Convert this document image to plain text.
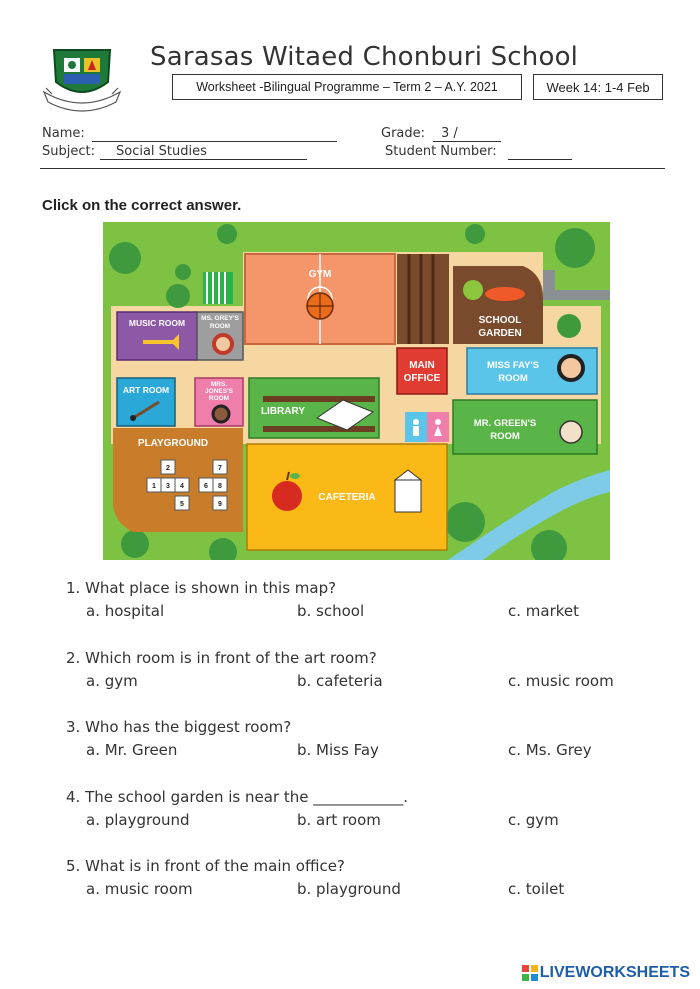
Sarasas Witaed Chonburi School
Worksheet -Bilingual Programme – Term 2 – A.Y. 2021	Week 14: 1-4 Feb
Name:
Subject: Social Studies
Grade: 3 /
Student Number:
Click on the correct answer.
GYM
SCHOOL
GARDEN
MUSIC ROOM MS. GREY'S
ROOM
MAIN
OFFICE
MISS FAY'S
ROOM
ART ROOM
MRS.
JONES'S
ROOM
LIBRARY
MR. GREEN'S
ROOM
PLAYGROUND
2	7
1 3 4	6 8
5	9
CAFETERIA
1. What place is shown in this map?
a. hospital	b. school	c. market
2. Which room is in front of the art room?
a. gym	b. cafeteria	c. music room
3. Who has the biggest room?
a. Mr. Green	b. Miss Fay	c. Ms. Grey
4. The school garden is near the ____________.
a. playground	b. art room	c. gym
5. What is in front of the main office?
a. music room	b. playground	c. toilet
LIVEWORKSHEETS
